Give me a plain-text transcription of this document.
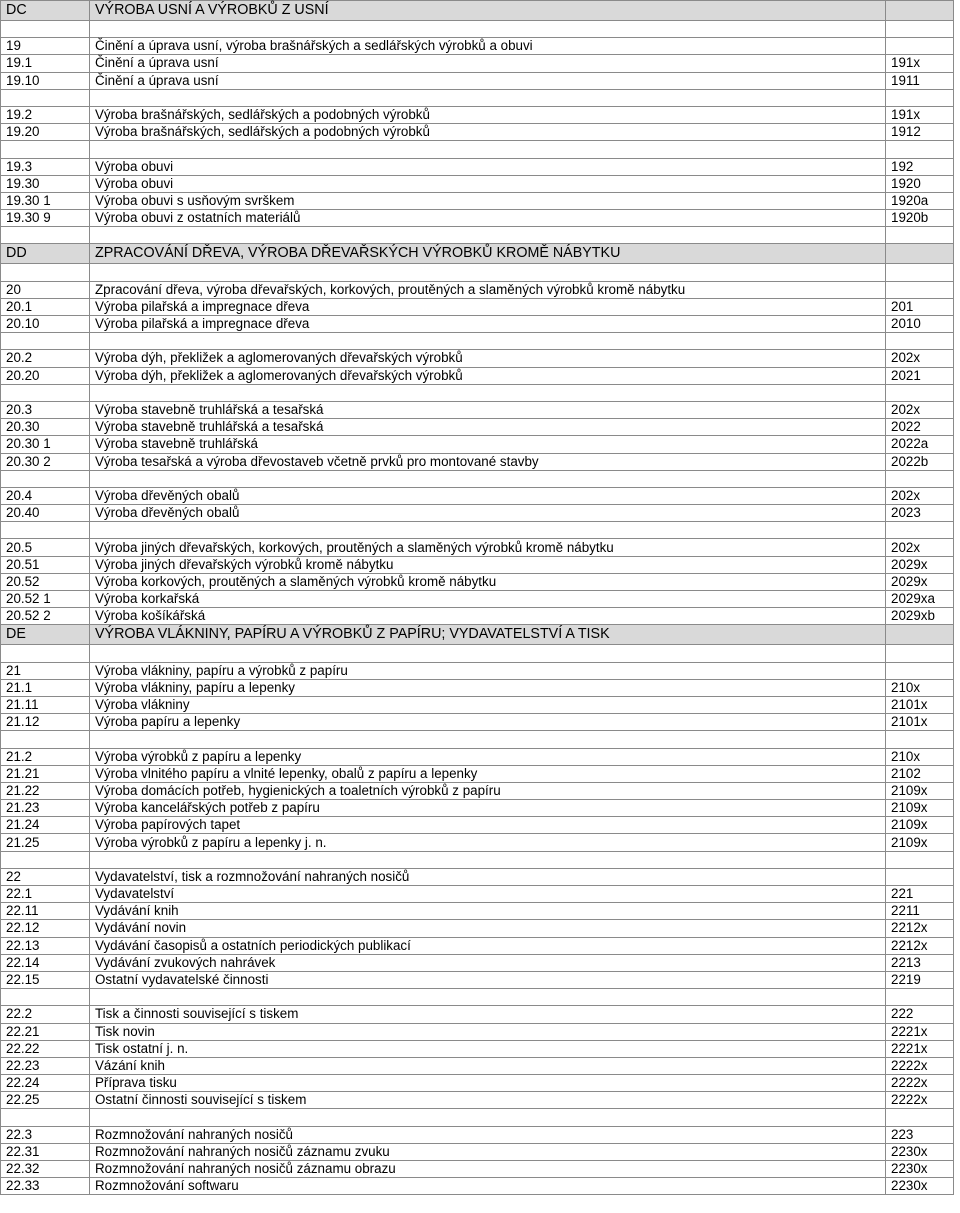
DC	VÝROBA USNÍ A VÝROBKŮ Z USNÍ	

19	Činění a úprava usní, výroba brašnářských a sedlářských výrobků a obuvi	
19.1	Činění a úprava usní	191x
19.10	Činění a úprava usní	1911

19.2	Výroba brašnářských, sedlářských a podobných výrobků	191x
19.20	Výroba brašnářských, sedlářských a podobných výrobků	1912

19.3	Výroba obuvi	192
19.30	Výroba obuvi	1920
19.30 1	Výroba obuvi s usňovým svrškem	1920a
19.30 9	Výroba obuvi z ostatních materiálů	1920b

DD	ZPRACOVÁNÍ DŘEVA, VÝROBA DŘEVAŘSKÝCH VÝROBKŮ KROMĚ NÁBYTKU	

20	Zpracování dřeva, výroba dřevařských, korkových, proutěných a slaměných výrobků kromě nábytku	
20.1	Výroba pilařská a impregnace dřeva	201
20.10	Výroba pilařská a impregnace dřeva	2010

20.2	Výroba dýh, překližek a aglomerovaných dřevařských výrobků	202x
20.20	Výroba dýh, překližek a aglomerovaných dřevařských výrobků	2021

20.3	Výroba stavebně truhlářská a tesařská	202x
20.30	Výroba stavebně truhlářská a tesařská	2022
20.30 1	Výroba stavebně truhlářská	2022a
20.30 2	Výroba tesařská a výroba dřevostaveb včetně prvků pro montované stavby	2022b

20.4	Výroba dřevěných obalů	202x
20.40	Výroba dřevěných obalů	2023

20.5	Výroba jiných dřevařských, korkových, proutěných a slaměných výrobků kromě nábytku	202x
20.51	Výroba jiných dřevařských výrobků kromě nábytku	2029x
20.52	Výroba korkových, proutěných a slaměných výrobků kromě nábytku	2029x
20.52 1	Výroba korkařská	2029xa
20.52 2	Výroba košíkářská	2029xb
DE	VÝROBA VLÁKNINY, PAPÍRU A VÝROBKŮ Z PAPÍRU; VYDAVATELSTVÍ A TISK	

21	Výroba vlákniny, papíru a výrobků z papíru	
21.1	Výroba vlákniny, papíru a lepenky	210x
21.11	Výroba vlákniny	2101x
21.12	Výroba papíru a lepenky	2101x

21.2	Výroba výrobků z papíru a lepenky	210x
21.21	Výroba vlnitého papíru a vlnité lepenky, obalů z papíru a lepenky	2102
21.22	Výroba domácích potřeb, hygienických a toaletních výrobků z papíru	2109x
21.23	Výroba kancelářských potřeb z papíru	2109x
21.24	Výroba papírových tapet	2109x
21.25	Výroba výrobků z papíru a lepenky j. n.	2109x

22	Vydavatelství, tisk a rozmnožování nahraných nosičů	
22.1	Vydavatelství	221
22.11	Vydávání knih	2211
22.12	Vydávání novin	2212x
22.13	Vydávání časopisů a ostatních periodických publikací	2212x
22.14	Vydávání zvukových nahrávek	2213
22.15	Ostatní vydavatelské činnosti	2219

22.2	Tisk a činnosti související s tiskem	222
22.21	Tisk novin	2221x
22.22	Tisk ostatní j. n.	2221x
22.23	Vázání knih	2222x
22.24	Příprava tisku	2222x
22.25	Ostatní činnosti související s tiskem	2222x

22.3	Rozmnožování nahraných nosičů	223
22.31	Rozmnožování nahraných nosičů záznamu zvuku	2230x
22.32	Rozmnožování nahraných nosičů záznamu obrazu	2230x
22.33	Rozmnožování softwaru	2230x
